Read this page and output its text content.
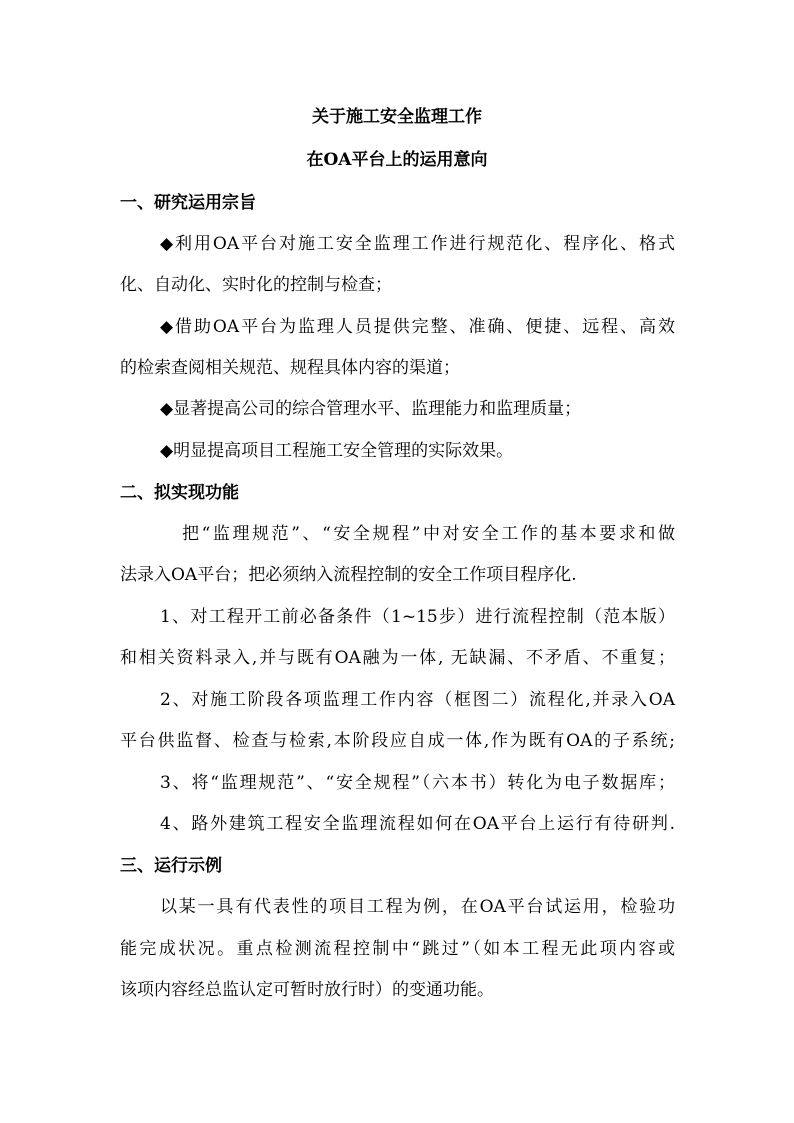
关于施工安全监理工作
在OA平台上的运用意向
一、研究运用宗旨
◆利用OA平台对施工安全监理工作进行规范化、程序化、格式
化、自动化、实时化的控制与检查；
◆借助OA平台为监理人员提供完整、准确、便捷、远程、高效
的检索查阅相关规范、规程具体内容的渠道；
◆显著提高公司的综合管理水平、监理能力和监理质量；
◆明显提高项目工程施工安全管理的实际效果。
二、拟实现功能
把“监理规范”、“安全规程”中对安全工作的基本要求和做
法录入OA平台；把必须纳入流程控制的安全工作项目程序化.
1、对工程开工前必备条件（1~15步）进行流程控制（范本版）
和相关资料录入,并与既有OA融为一体, 无缺漏、不矛盾、不重复；
2、对施工阶段各项监理工作内容（框图二）流程化,并录入OA
平台供监督、检查与检索,本阶段应自成一体,作为既有OA的子系统;
3、将“监理规范”、“安全规程”（六本书）转化为电子数据库；
4、路外建筑工程安全监理流程如何在OA平台上运行有待研判.
三、运行示例
以某一具有代表性的项目工程为例，在OA平台试运用，检验功
能完成状况。重点检测流程控制中“跳过”（如本工程无此项内容或
该项内容经总监认定可暂时放行时）的变通功能。
